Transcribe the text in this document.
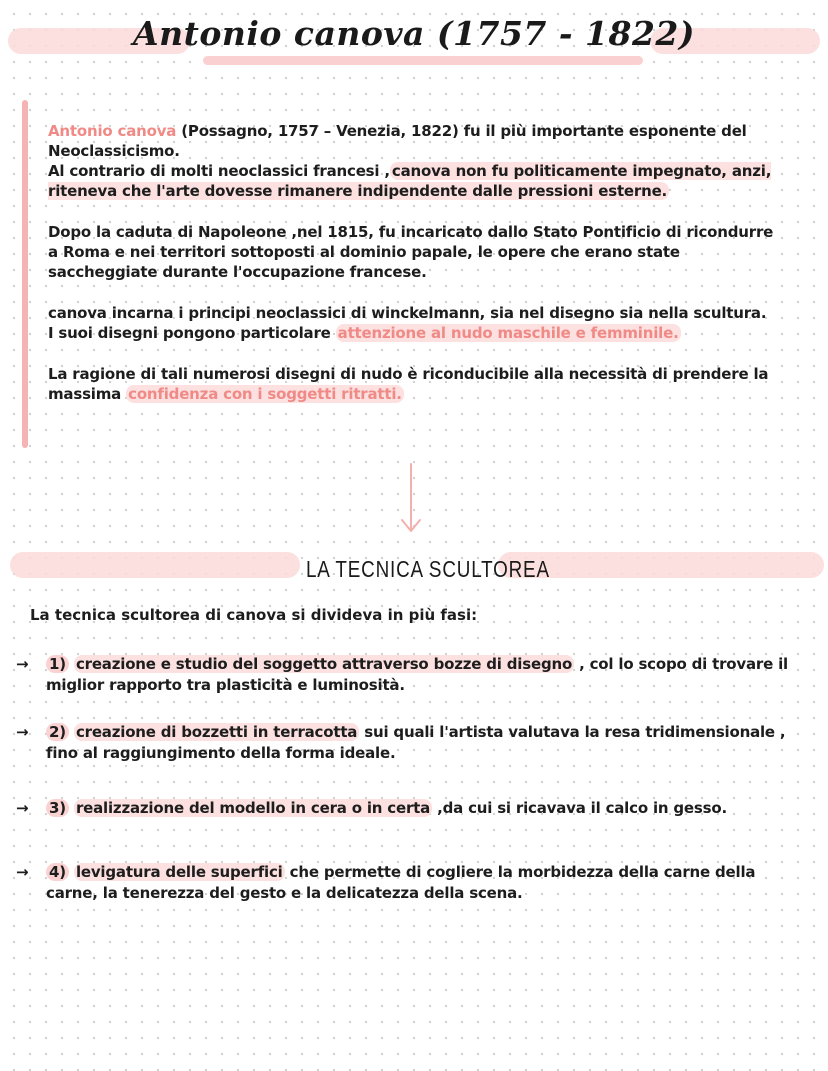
Antonio canova (1757 - 1822)

Antonio canova (Possagno, 1757 – Venezia, 1822) fu il più importante esponente del Neoclassicismo.
Al contrario di molti neoclassici francesi , canova non fu politicamente impegnato, anzi, riteneva che l'arte dovesse rimanere indipendente dalle pressioni esterne.

Dopo la caduta di Napoleone ,nel 1815, fu incaricato dallo Stato Pontificio di ricondurre a Roma e nei territori sottoposti al dominio papale, le opere che erano state saccheggiate durante l'occupazione francese.

canova incarna i principi neoclassici di winckelmann, sia nel disegno sia nella scultura.
I suoi disegni pongono particolare attenzione al nudo maschile e femminile.

La ragione di tali numerosi disegni di nudo è riconducibile alla necessità di prendere la massima confidenza con i soggetti ritratti.

LA TECNICA SCULTOREA
La tecnica scultorea di canova si divideva in più fasi:
→ 1) creazione e studio del soggetto attraverso bozze di disegno , col lo scopo di trovare il miglior rapporto tra plasticità e luminosità.
→ 2) creazione di bozzetti in terracotta sui quali l'artista valutava la resa tridimensionale , fino al raggiungimento della forma ideale.
→ 3) realizzazione del modello in cera o in certa ,da cui si ricavava il calco in gesso.
→ 4) levigatura delle superfici che permette di cogliere la morbidezza della carne della carne, la tenerezza del gesto e la delicatezza della scena.
